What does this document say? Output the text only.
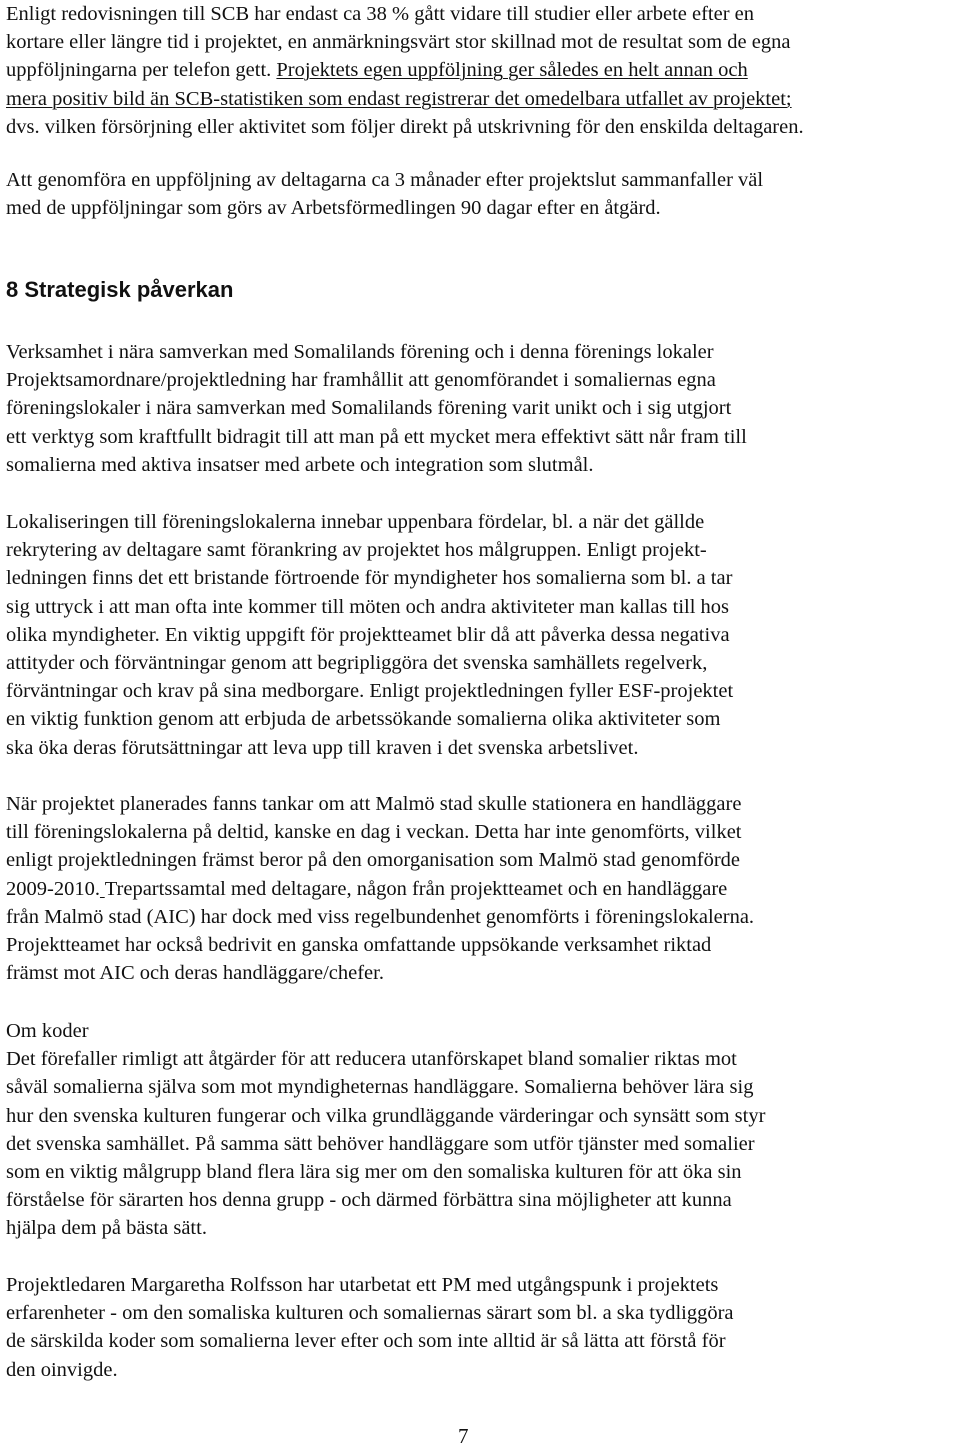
Enligt redovisningen till SCB har endast ca 38 % gått vidare till studier eller arbete efter en
kortare eller längre tid i projektet, en anmärkningsvärt stor skillnad mot de resultat som de egna
uppföljningarna per telefon gett. Projektets egen uppföljning ger således en helt annan och
mera positiv bild än SCB-statistiken som endast registrerar det omedelbara utfallet av projektet;
dvs. vilken försörjning eller aktivitet som följer direkt på utskrivning för den enskilda deltagaren.
Att genomföra en uppföljning av deltagarna ca 3 månader efter projektslut sammanfaller väl
med de uppföljningar som görs av Arbetsförmedlingen 90 dagar efter en åtgärd.
8 Strategisk påverkan
Verksamhet i nära samverkan med Somalilands förening och i denna förenings lokaler
Projektsamordnare/projektledning har framhållit att genomförandet i somaliernas egna
föreningslokaler i nära samverkan med Somalilands förening varit unikt och i sig utgjort
ett verktyg som kraftfullt bidragit till att man på ett mycket mera effektivt sätt når fram till
somalierna med aktiva insatser med arbete och integration som slutmål.
Lokaliseringen till föreningslokalerna innebar uppenbara fördelar, bl. a när det gällde
rekrytering av deltagare samt förankring av projektet hos målgruppen. Enligt projekt-
ledningen finns det ett bristande förtroende för myndigheter hos somalierna som bl. a tar
sig uttryck i att man ofta inte kommer till möten och andra aktiviteter man kallas till hos
olika myndigheter. En viktig uppgift för projektteamet blir då att påverka dessa negativa
attityder och förväntningar genom att begripliggöra det svenska samhällets regelverk,
förväntningar och krav på sina medborgare. Enligt projektledningen fyller ESF-projektet
en viktig funktion genom att erbjuda de arbetssökande somalierna olika aktiviteter som
ska öka deras förutsättningar att leva upp till kraven i det svenska arbetslivet.
När projektet planerades fanns tankar om att Malmö stad skulle stationera en handläggare
till föreningslokalerna på deltid, kanske en dag i veckan. Detta har inte genomförts, vilket
enligt projektledningen främst beror på den omorganisation som Malmö stad genomförde
2009-2010. Trepartssamtal med deltagare, någon från projektteamet och en handläggare
från Malmö stad (AIC) har dock med viss regelbundenhet genomförts i föreningslokalerna.
Projektteamet har också bedrivit en ganska omfattande uppsökande verksamhet riktad
främst mot AIC och deras handläggare/chefer.
Om koder
Det förefaller rimligt att åtgärder för att reducera utanförskapet bland somalier riktas mot
såväl somalierna själva som mot myndigheternas handläggare. Somalierna behöver lära sig
hur den svenska kulturen fungerar och vilka grundläggande värderingar och synsätt som styr
det svenska samhället. På samma sätt behöver handläggare som utför tjänster med somalier
som en viktig målgrupp bland flera lära sig mer om den somaliska kulturen för att öka sin
förståelse för särarten hos denna grupp - och därmed förbättra sina möjligheter att kunna
hjälpa dem på bästa sätt.
Projektledaren Margaretha Rolfsson har utarbetat ett PM med utgångspunk i projektets
erfarenheter - om den somaliska kulturen och somaliernas särart som bl. a ska tydliggöra
de särskilda koder som somalierna lever efter och som inte alltid är så lätta att förstå för
den oinvigde.
7
